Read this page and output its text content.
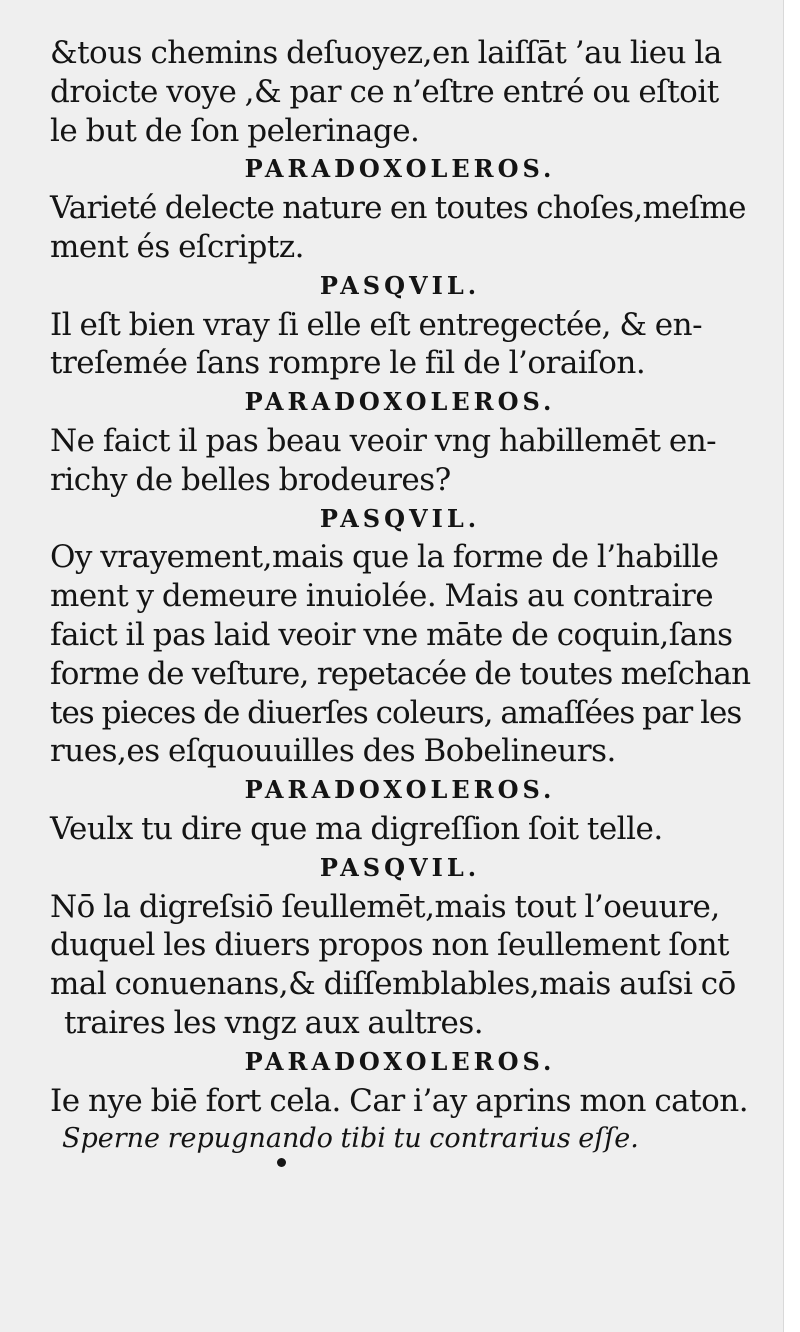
&tous chemins deſuoyez,en laiſſāt ’au lieu la
droicte voye ,& par ce n’eſtre entré ou eſtoit
le but de ſon pelerinage.
PARADOXOLEROS.
Varieté delecte nature en toutes choſes,meſme
ment és eſcriptz.
PASQVIL.
Il eſt bien vray ſi elle eſt entregectée, & en-
treſemée ſans rompre le fil de l’oraiſon.
PARADOXOLEROS.
Ne faict il pas beau veoir vng habillemēt en-
richy de belles brodeures?
PASQVIL.
Oy vrayement,mais que la forme de l’habille
ment y demeure inuiolée. Mais au contraire
faict il pas laid veoir vne māte de coquin,ſans
forme de veſture, repetacée de toutes meſchan
tes pieces de diuerſes coleurs, amaſſées par les
rues,es eſquouuilles des Bobelineurs.
PARADOXOLEROS.
Veulx tu dire que ma digreſſion ſoit telle.
PASQVIL.
Nō la digreſsiō ſeullemēt,mais tout l’oeuure,
duquel les diuers propos non ſeullement ſont
mal conuenans,& diſſemblables,mais auſsi cō
traires les vngz aux aultres.
PARADOXOLEROS.
Ie nye biē fort cela. Car i’ay aprins mon caton.
Sperne repugnando tibi tu contrarius eſſe.
